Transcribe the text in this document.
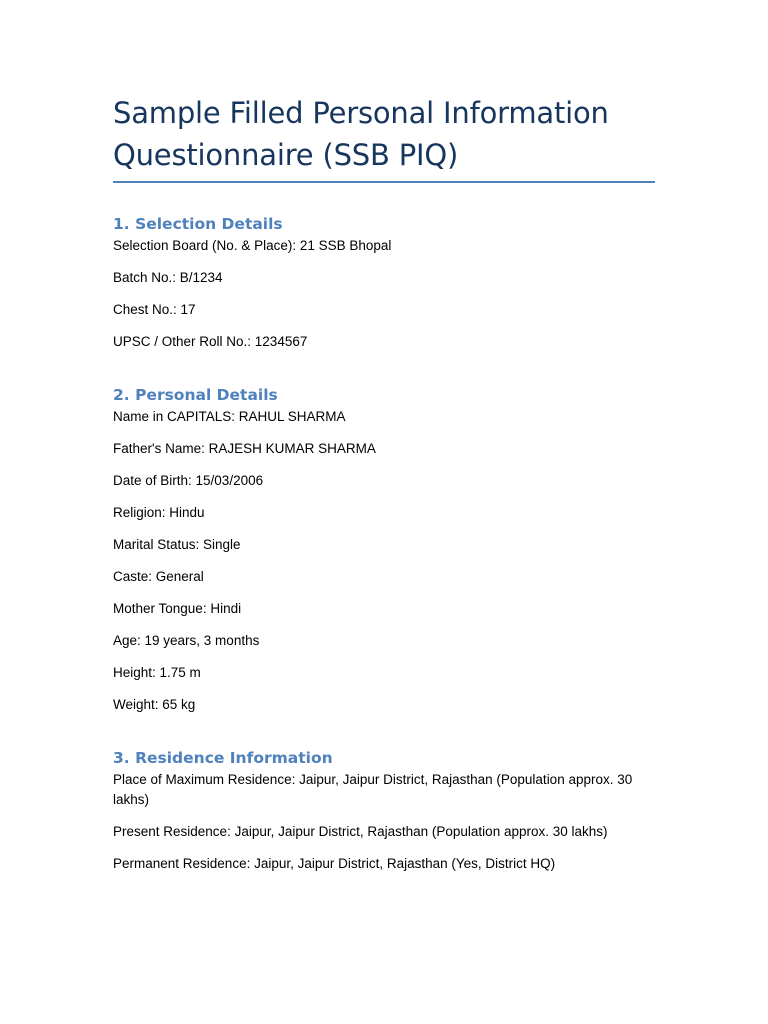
Sample Filled Personal Information Questionnaire (SSB PIQ)
1. Selection Details

Selection Board (No. & Place): 21 SSB Bhopal

Batch No.: B/1234

Chest No.: 17

UPSC / Other Roll No.: 1234567

2. Personal Details

Name in CAPITALS: RAHUL SHARMA

Father's Name: RAJESH KUMAR SHARMA

Date of Birth: 15/03/2006

Religion: Hindu

Marital Status: Single

Caste: General

Mother Tongue: Hindi

Age: 19 years, 3 months

Height: 1.75 m

Weight: 65 kg

3. Residence Information

Place of Maximum Residence: Jaipur, Jaipur District, Rajasthan (Population approx. 30 lakhs)

Present Residence: Jaipur, Jaipur District, Rajasthan (Population approx. 30 lakhs)

Permanent Residence: Jaipur, Jaipur District, Rajasthan (Yes, District HQ)
